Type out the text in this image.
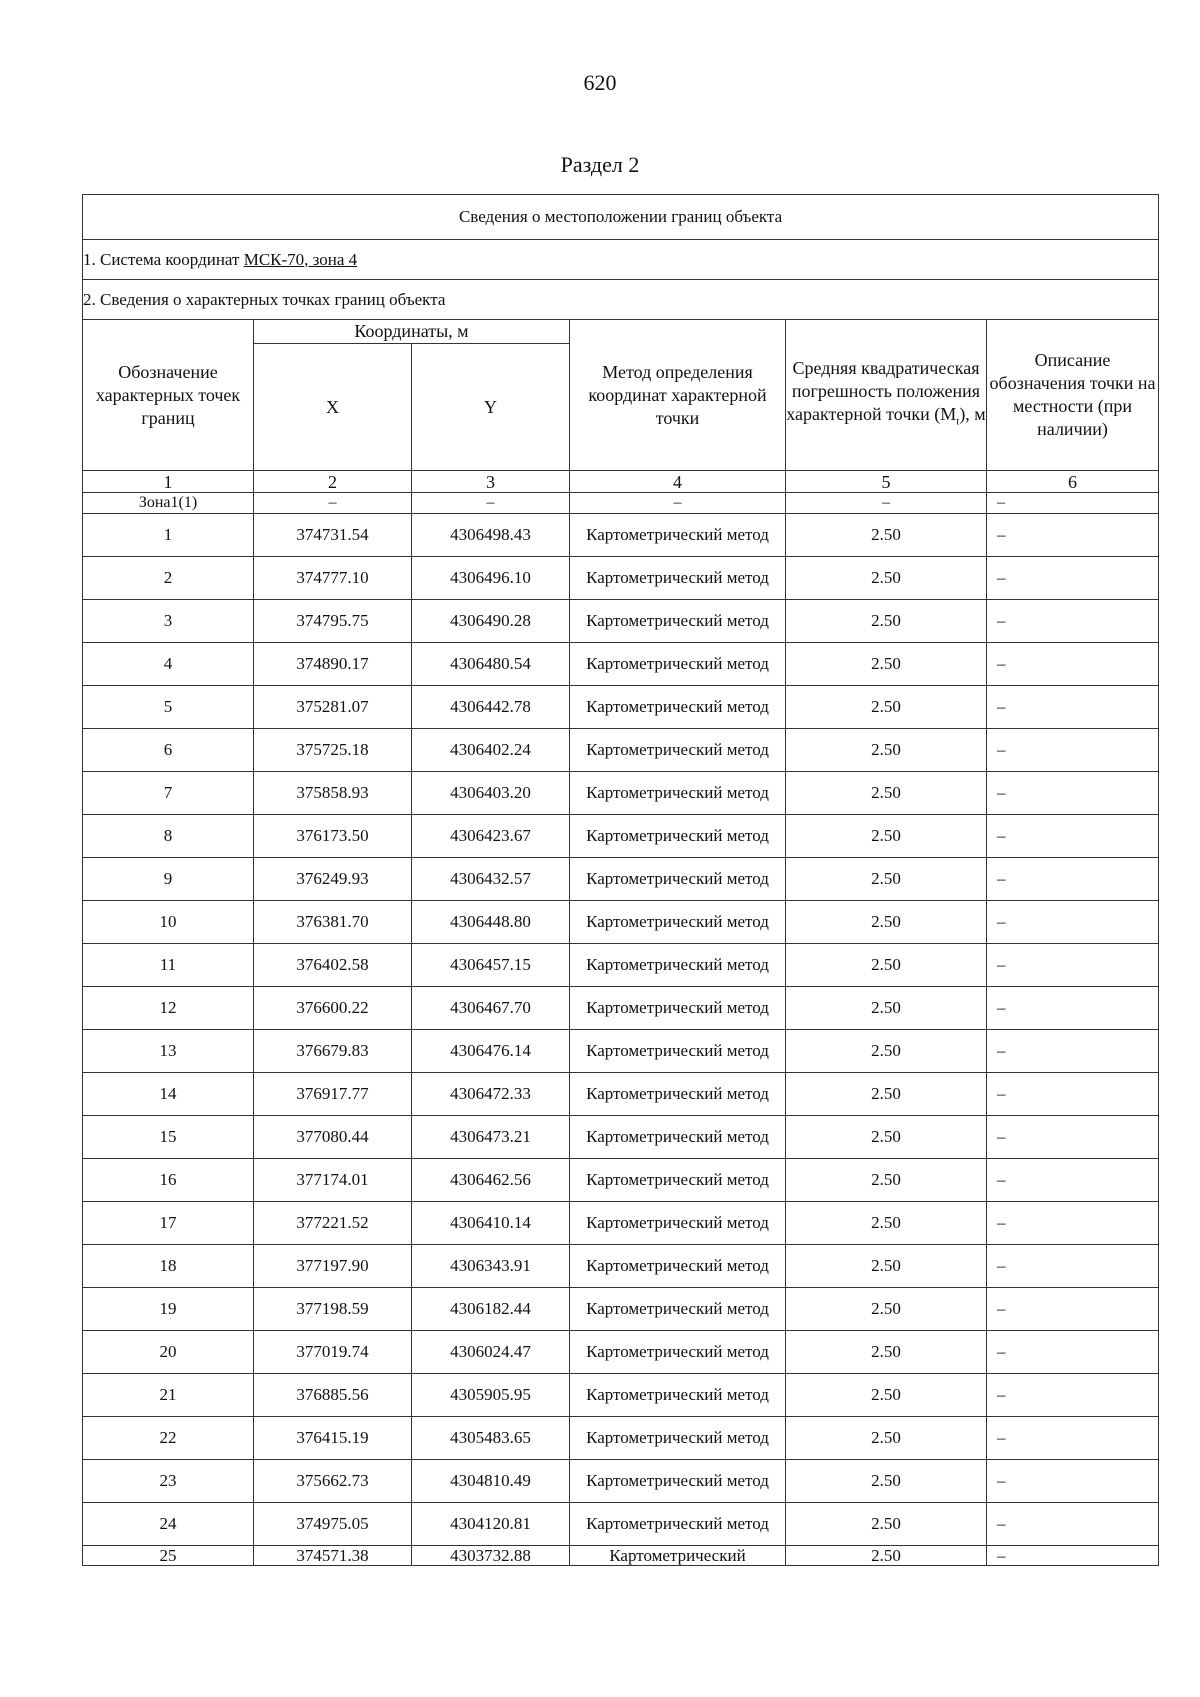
620
Раздел 2
Сведения о местоположении границ объекта					
1. Система координат МСК-70, зона 4					
2. Сведения о характерных точках границ объекта					
Обозначение характерных точек границ	Координаты, м		Метод определения координат характерной точки	Средняя квадратическая погрешность положения характерной точки $(M_t)$, м	Описание обозначения точки на местности (при наличии)
	X	Y			
1	2	3	4	5	6
Зона1(1)	–	–	–	–	–
1	374731.54	4306498.43	Картометрический метод	2.50	–
2	374777.10	4306496.10	Картометрический метод	2.50	–
3	374795.75	4306490.28	Картометрический метод	2.50	–
4	374890.17	4306480.54	Картометрический метод	2.50	–
5	375281.07	4306442.78	Картометрический метод	2.50	–
6	375725.18	4306402.24	Картометрический метод	2.50	–
7	375858.93	4306403.20	Картометрический метод	2.50	–
8	376173.50	4306423.67	Картометрический метод	2.50	–
9	376249.93	4306432.57	Картометрический метод	2.50	–
10	376381.70	4306448.80	Картометрический метод	2.50	–
11	376402.58	4306457.15	Картометрический метод	2.50	–
12	376600.22	4306467.70	Картометрический метод	2.50	–
13	376679.83	4306476.14	Картометрический метод	2.50	–
14	376917.77	4306472.33	Картометрический метод	2.50	–
15	377080.44	4306473.21	Картометрический метод	2.50	–
16	377174.01	4306462.56	Картометрический метод	2.50	–
17	377221.52	4306410.14	Картометрический метод	2.50	–
18	377197.90	4306343.91	Картометрический метод	2.50	–
19	377198.59	4306182.44	Картометрический метод	2.50	–
20	377019.74	4306024.47	Картометрический метод	2.50	–
21	376885.56	4305905.95	Картометрический метод	2.50	–
22	376415.19	4305483.65	Картометрический метод	2.50	–
23	375662.73	4304810.49	Картометрический метод	2.50	–
24	374975.05	4304120.81	Картометрический метод	2.50	–

25	374571.38	4303732.88	Картометрический	2.50	–
